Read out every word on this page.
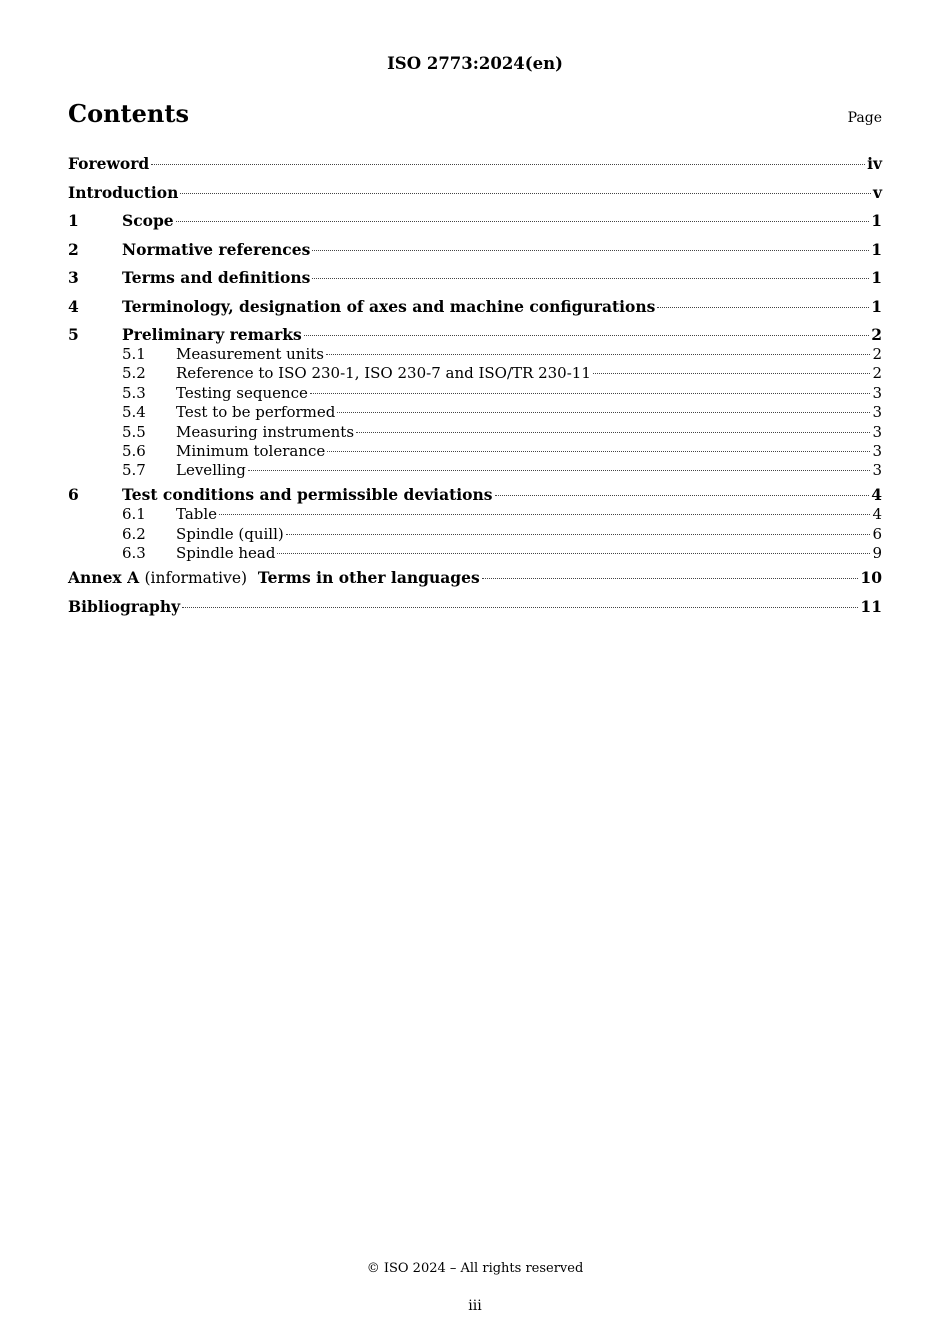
ISO 2773:2024(en)
Contents	Page
Foreword	iv
Introduction	v
1	Scope	1
2	Normative references	1
3	Terms and definitions	1
4	Terminology, designation of axes and machine configurations	1
5	Preliminary remarks	2
5.1	Measurement units	2
5.2	Reference to ISO 230-1, ISO 230-7 and ISO/TR 230-11	2
5.3	Testing sequence	3
5.4	Test to be performed	3
5.5	Measuring instruments	3
5.6	Minimum tolerance	3
5.7	Levelling	3
6	Test conditions and permissible deviations	4
6.1	Table	4
6.2	Spindle (quill)	6
6.3	Spindle head	9
Annex A (informative) Terms in other languages	10
Bibliography	11
© ISO 2024 – All rights reserved
iii
